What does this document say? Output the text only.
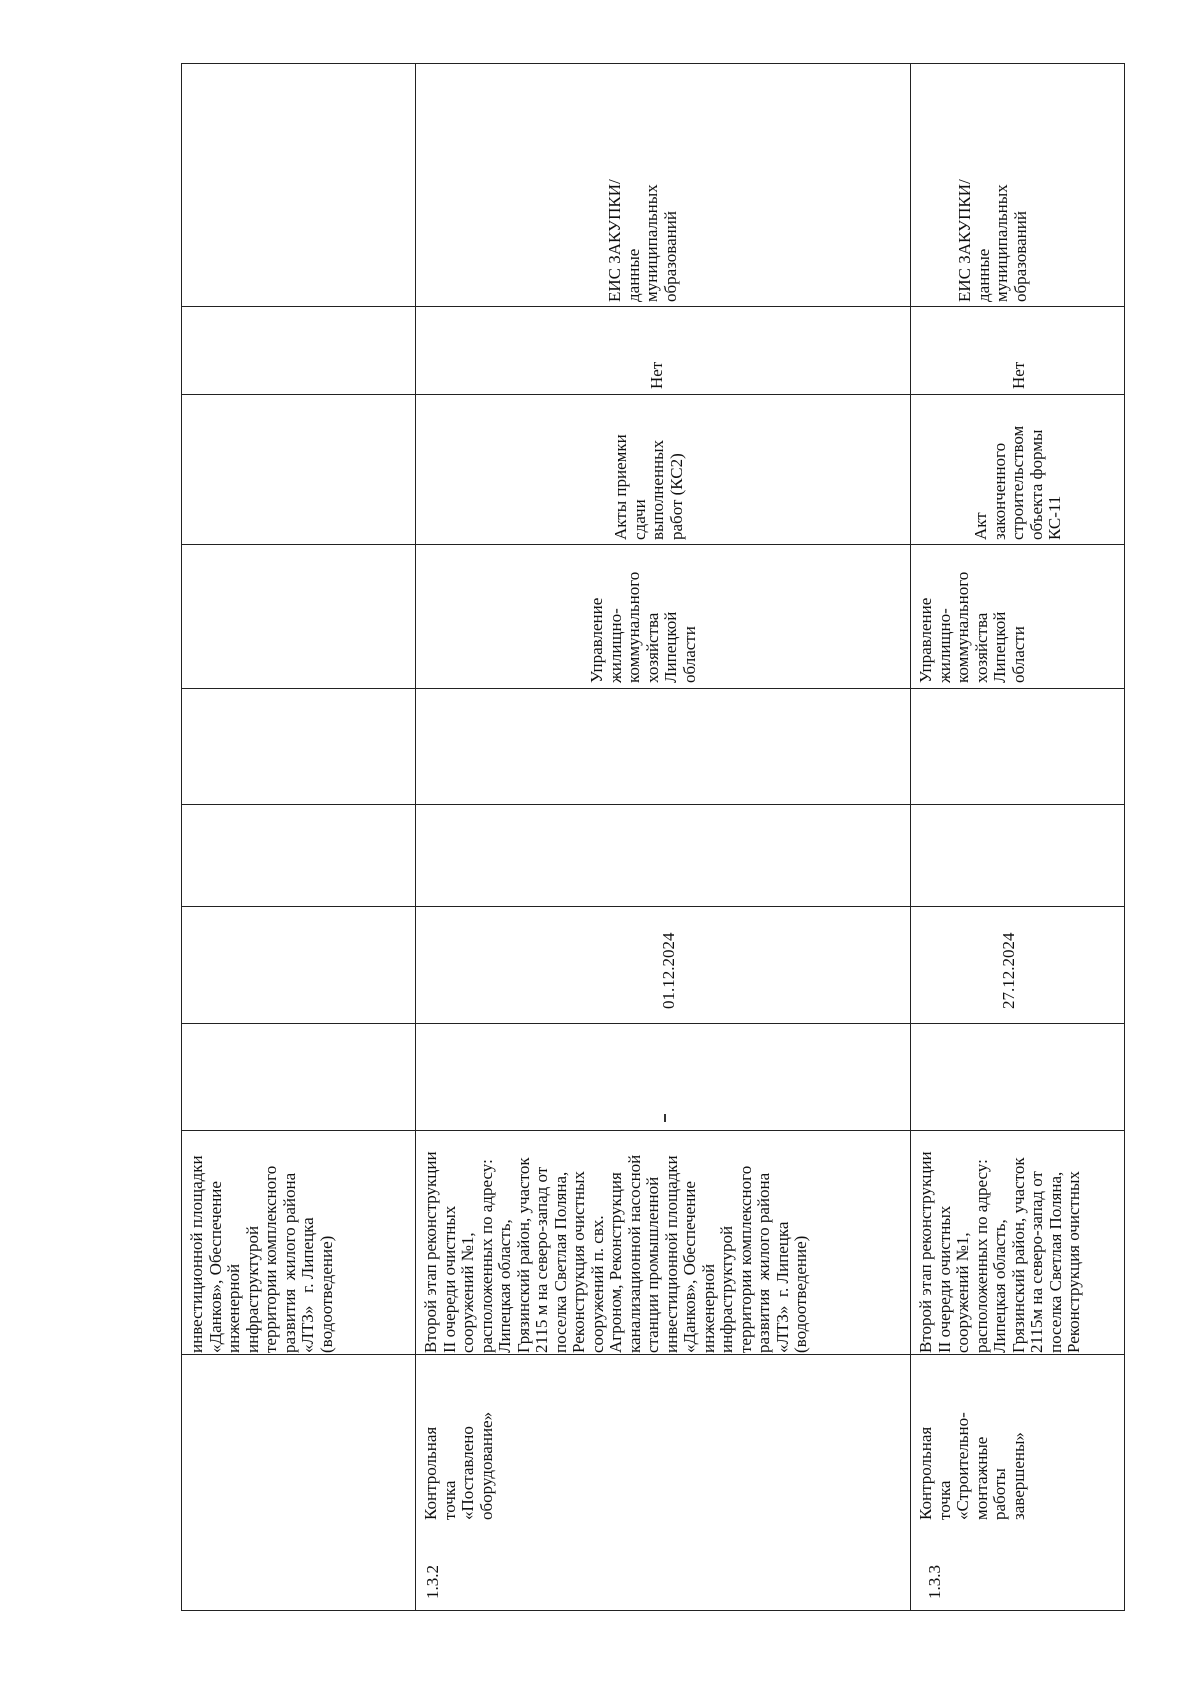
инвестиционной площадки
«Данков», Обеспечение
инженерной
инфраструктурой
территории комплексного
развития  жилого района
«ЛТЗ»   г. Липецка
(водоотведение)
1.3.2
Контрольная
точка
«Поставлено
оборудование»
Второй этап реконструкции
II очереди очистных
сооружений №1,
расположенных по адресу:
Липецкая область,
Грязинский район, участок
2115 м на северо-запад от
поселка Светлая Поляна,
Реконструкция очистных
сооружений п. свх.
Агроном, Реконструкция
канализационной насосной
станции промышленной
инвестиционной площадки
«Данков», Обеспечение
инженерной
инфраструктурой
территории комплексного
развития  жилого района
«ЛТЗ»  г. Липецка
(водоотведение)
01.12.2024
Управление
жилищно-
коммунального
хозяйства
Липецкой
области
Акты приемки
сдачи
выполненных
работ (КС2)
Нет
ЕИС ЗАКУПКИ/
данные
муниципальных
образований
1.3.3
Контрольная
точка
«Строительно-
монтажные
работы
завершены»
Второй этап реконструкции
II очереди очистных
сооружений №1,
расположенных по адресу:
Липецкая область,
Грязинский район, участок
2115м на северо-запад от
поселка Светлая Поляна,
Реконструкция очистных
27.12.2024
Управление
жилищно-
коммунального
хозяйства
Липецкой
области
Акт
законченного
строительством
объекта формы
КС-11
Нет
ЕИС ЗАКУПКИ/
данные
муниципальных
образований
